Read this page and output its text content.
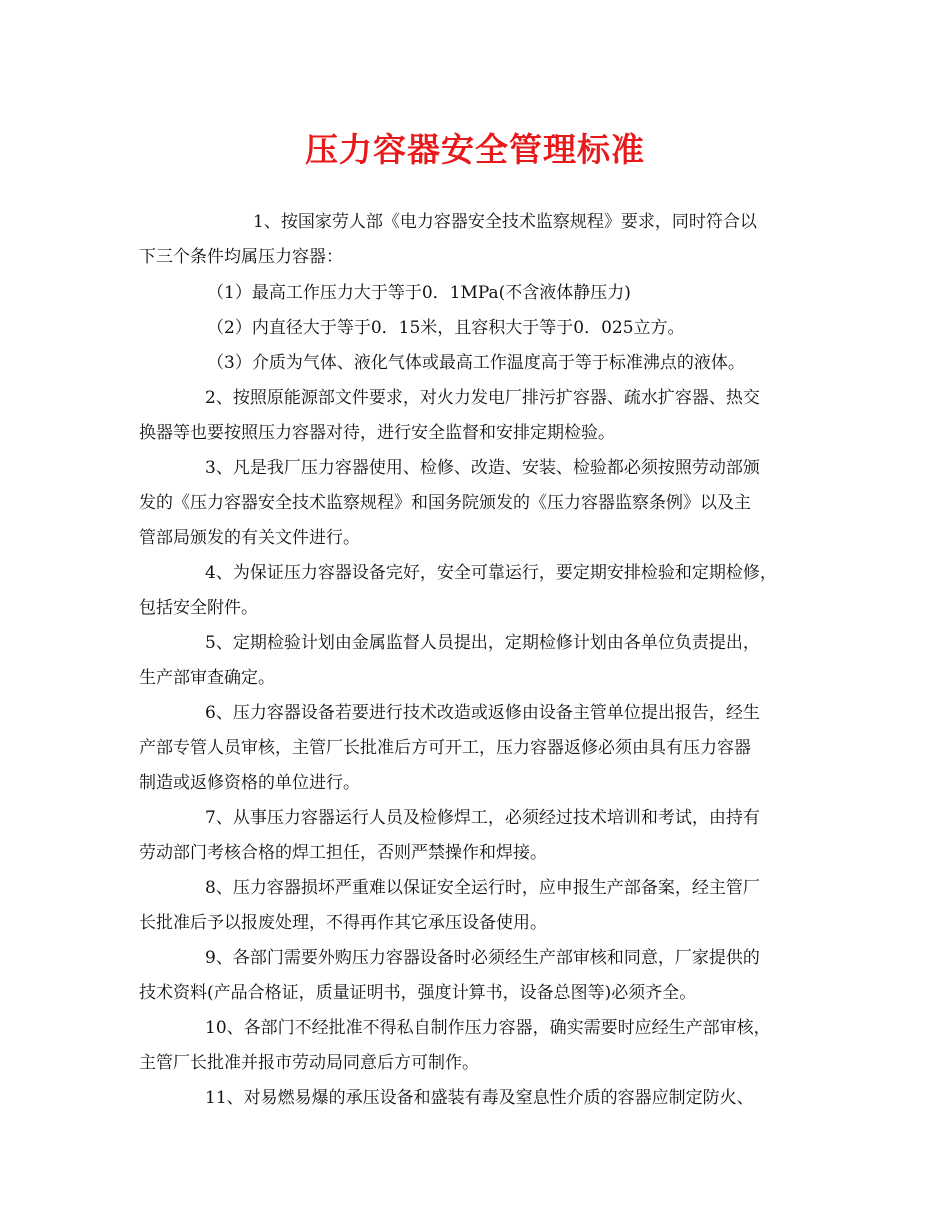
压力容器安全管理标准
1、按国家劳人部《电力容器安全技术监察规程》要求，同时符合以
下三个条件均属压力容器：
（1）最高工作压力大于等于0．1MPa(不含液体静压力)
（2）内直径大于等于0．15米，且容积大于等于0．025立方。
（3）介质为气体、液化气体或最高工作温度高于等于标准沸点的液体。
2、按照原能源部文件要求，对火力发电厂排污扩容器、疏水扩容器、热交
换器等也要按照压力容器对待，进行安全监督和安排定期检验。
3、凡是我厂压力容器使用、检修、改造、安装、检验都必须按照劳动部颁
发的《压力容器安全技术监察规程》和国务院颁发的《压力容器监察条例》以及主
管部局颁发的有关文件进行。
4、为保证压力容器设备完好，安全可靠运行，要定期安排检验和定期检修，
包括安全附件。
5、定期检验计划由金属监督人员提出，定期检修计划由各单位负责提出，
生产部审查确定。
6、压力容器设备若要进行技术改造或返修由设备主管单位提出报告，经生
产部专管人员审核，主管厂长批准后方可开工，压力容器返修必须由具有压力容器
制造或返修资格的单位进行。
7、从事压力容器运行人员及检修焊工，必须经过技术培训和考试，由持有
劳动部门考核合格的焊工担任，否则严禁操作和焊接。
8、压力容器损坏严重难以保证安全运行时，应申报生产部备案，经主管厂
长批准后予以报废处理，不得再作其它承压设备使用。
9、各部门需要外购压力容器设备时必须经生产部审核和同意，厂家提供的
技术资料(产品合格证，质量证明书，强度计算书，设备总图等)必须齐全。
10、各部门不经批准不得私自制作压力容器，确实需要时应经生产部审核，
主管厂长批准并报市劳动局同意后方可制作。
11、对易燃易爆的承压设备和盛装有毒及窒息性介质的容器应制定防火、
